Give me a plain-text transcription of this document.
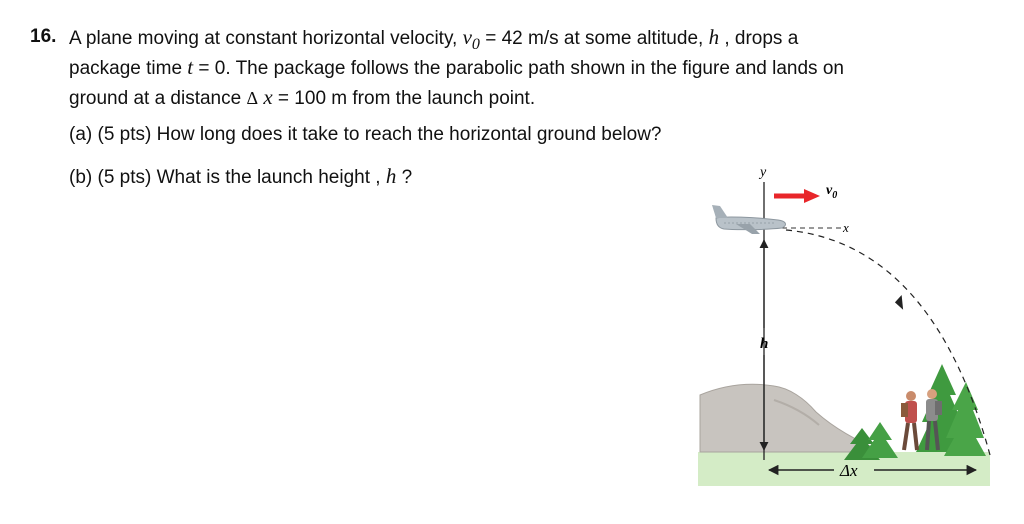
16. A plane moving at constant horizontal velocity, $v_0 = 42$ m/s at some altitude, h , drops a
package time t = 0. The package follows the parabolic path shown in the figure and lands on
ground at a distance Δ x = 100 m from the launch point.
(a) (5 pts) How long does it take to reach the horizontal ground below?
(b) (5 pts) What is the launch height , h ?	y
x
$v_0$
h
Δx
